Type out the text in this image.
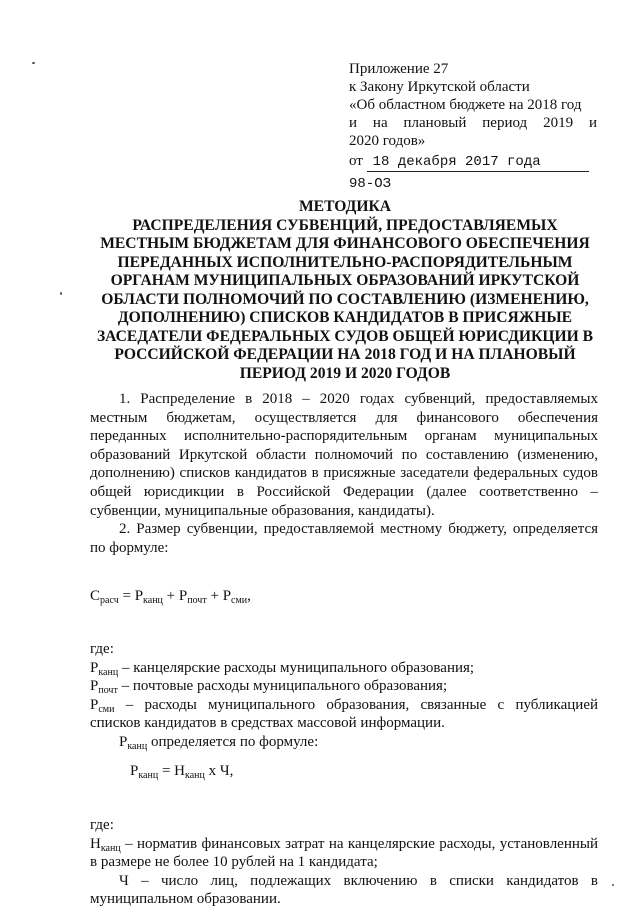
Приложение 27
к Закону Иркутской области
«Об областном бюджете на 2018 год
и на плановый период 2019 и
2020 годов»
от 18 декабря 2017 года
98-ОЗ
МЕТОДИКА
РАСПРЕДЕЛЕНИЯ СУБВЕНЦИЙ, ПРЕДОСТАВЛЯЕМЫХ МЕСТНЫМ БЮДЖЕТАМ ДЛЯ ФИНАНСОВОГО ОБЕСПЕЧЕНИЯ ПЕРЕДАННЫХ ИСПОЛНИТЕЛЬНО-РАСПОРЯДИТЕЛЬНЫМ ОРГАНАМ МУНИЦИПАЛЬНЫХ ОБРАЗОВАНИЙ ИРКУТСКОЙ ОБЛАСТИ ПОЛНОМОЧИЙ ПО СОСТАВЛЕНИЮ (ИЗМЕНЕНИЮ, ДОПОЛНЕНИЮ) СПИСКОВ КАНДИДАТОВ В ПРИСЯЖНЫЕ ЗАСЕДАТЕЛИ ФЕДЕРАЛЬНЫХ СУДОВ ОБЩЕЙ ЮРИСДИКЦИИ В РОССИЙСКОЙ ФЕДЕРАЦИИ НА 2018 ГОД И НА ПЛАНОВЫЙ ПЕРИОД 2019 И 2020 ГОДОВ

1. Распределение в 2018 – 2020 годах субвенций, предоставляемых местным бюджетам, осуществляется для финансового обеспечения переданных исполнительно-распорядительным органам муниципальных образований Иркутской области полномочий по составлению (изменению, дополнению) списков кандидатов в присяжные заседатели федеральных судов общей юрисдикции в Российской Федерации (далее соответственно – субвенции, муниципальные образования, кандидаты).

2. Размер субвенции, предоставляемой местному бюджету, определяется по формуле:

$C_{расч} = P_{канц} + P_{почт} + P_{сми}$,

где:

$P_{канц}$ – канцелярские расходы муниципального образования;

$P_{почт}$ – почтовые расходы муниципального образования;

$P_{сми}$ – расходы муниципального образования, связанные с публикацией списков кандидатов в средствах массовой информации.

$P_{канц}$ определяется по формуле:

$P_{канц} = H_{канц}$ х Ч,

где:

$H_{канц}$ – норматив финансовых затрат на канцелярские расходы, установленный в размере не более 10 рублей на 1 кандидата;

Ч – число лиц, подлежащих включению в списки кандидатов в муниципальном образовании.
